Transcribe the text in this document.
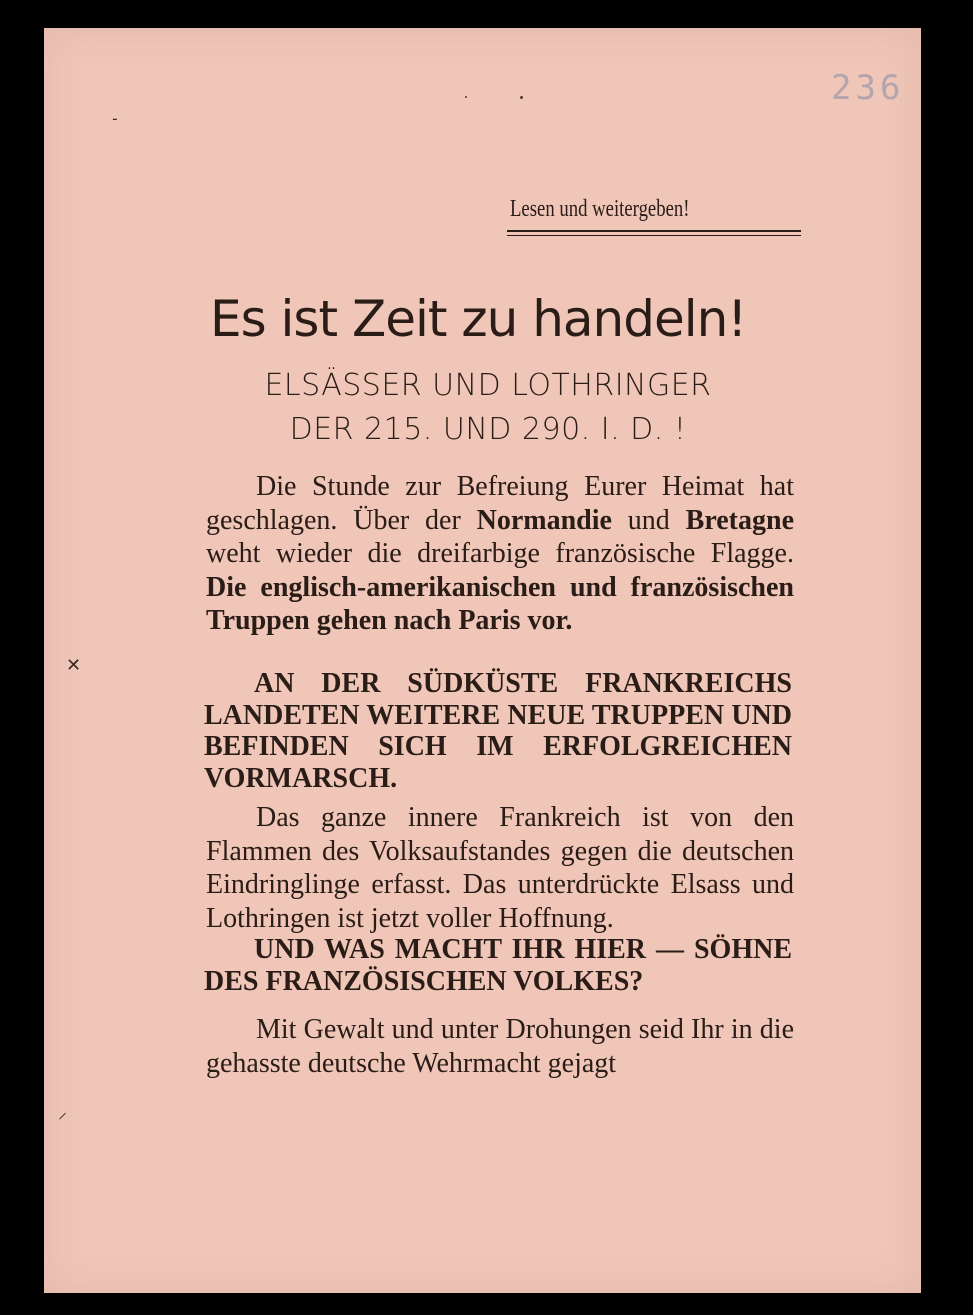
236
˗
✕
⸝
Lesen und weitergeben!
Es ist Zeit zu handeln!
ELSÄSSER UND LOTHRINGER
DER 215. UND 290. I. D. !
Die Stunde zur Befreiung Eurer Heimat hat geschlagen. Über der Normandie und Bretagne weht wieder die dreifarbige französische Flagge. Die englisch-amerikanischen und französischen Truppen gehen nach Paris vor.
AN DER SÜDKÜSTE FRANKREICHS LANDETEN WEITERE NEUE TRUPPEN UND BEFINDEN SICH IM ERFOLGREICHEN VORMARSCH.
Das ganze innere Frankreich ist von den Flammen des Volksaufstandes gegen die deutschen Eindringlinge erfasst. Das unterdrückte Elsass und Lothringen ist jetzt voller Hoffnung.
UND WAS MACHT IHR HIER — SÖHNE DES FRANZÖSISCHEN VOLKES?
Mit Gewalt und unter Drohungen seid Ihr in die gehasste deutsche Wehrmacht gejagt
